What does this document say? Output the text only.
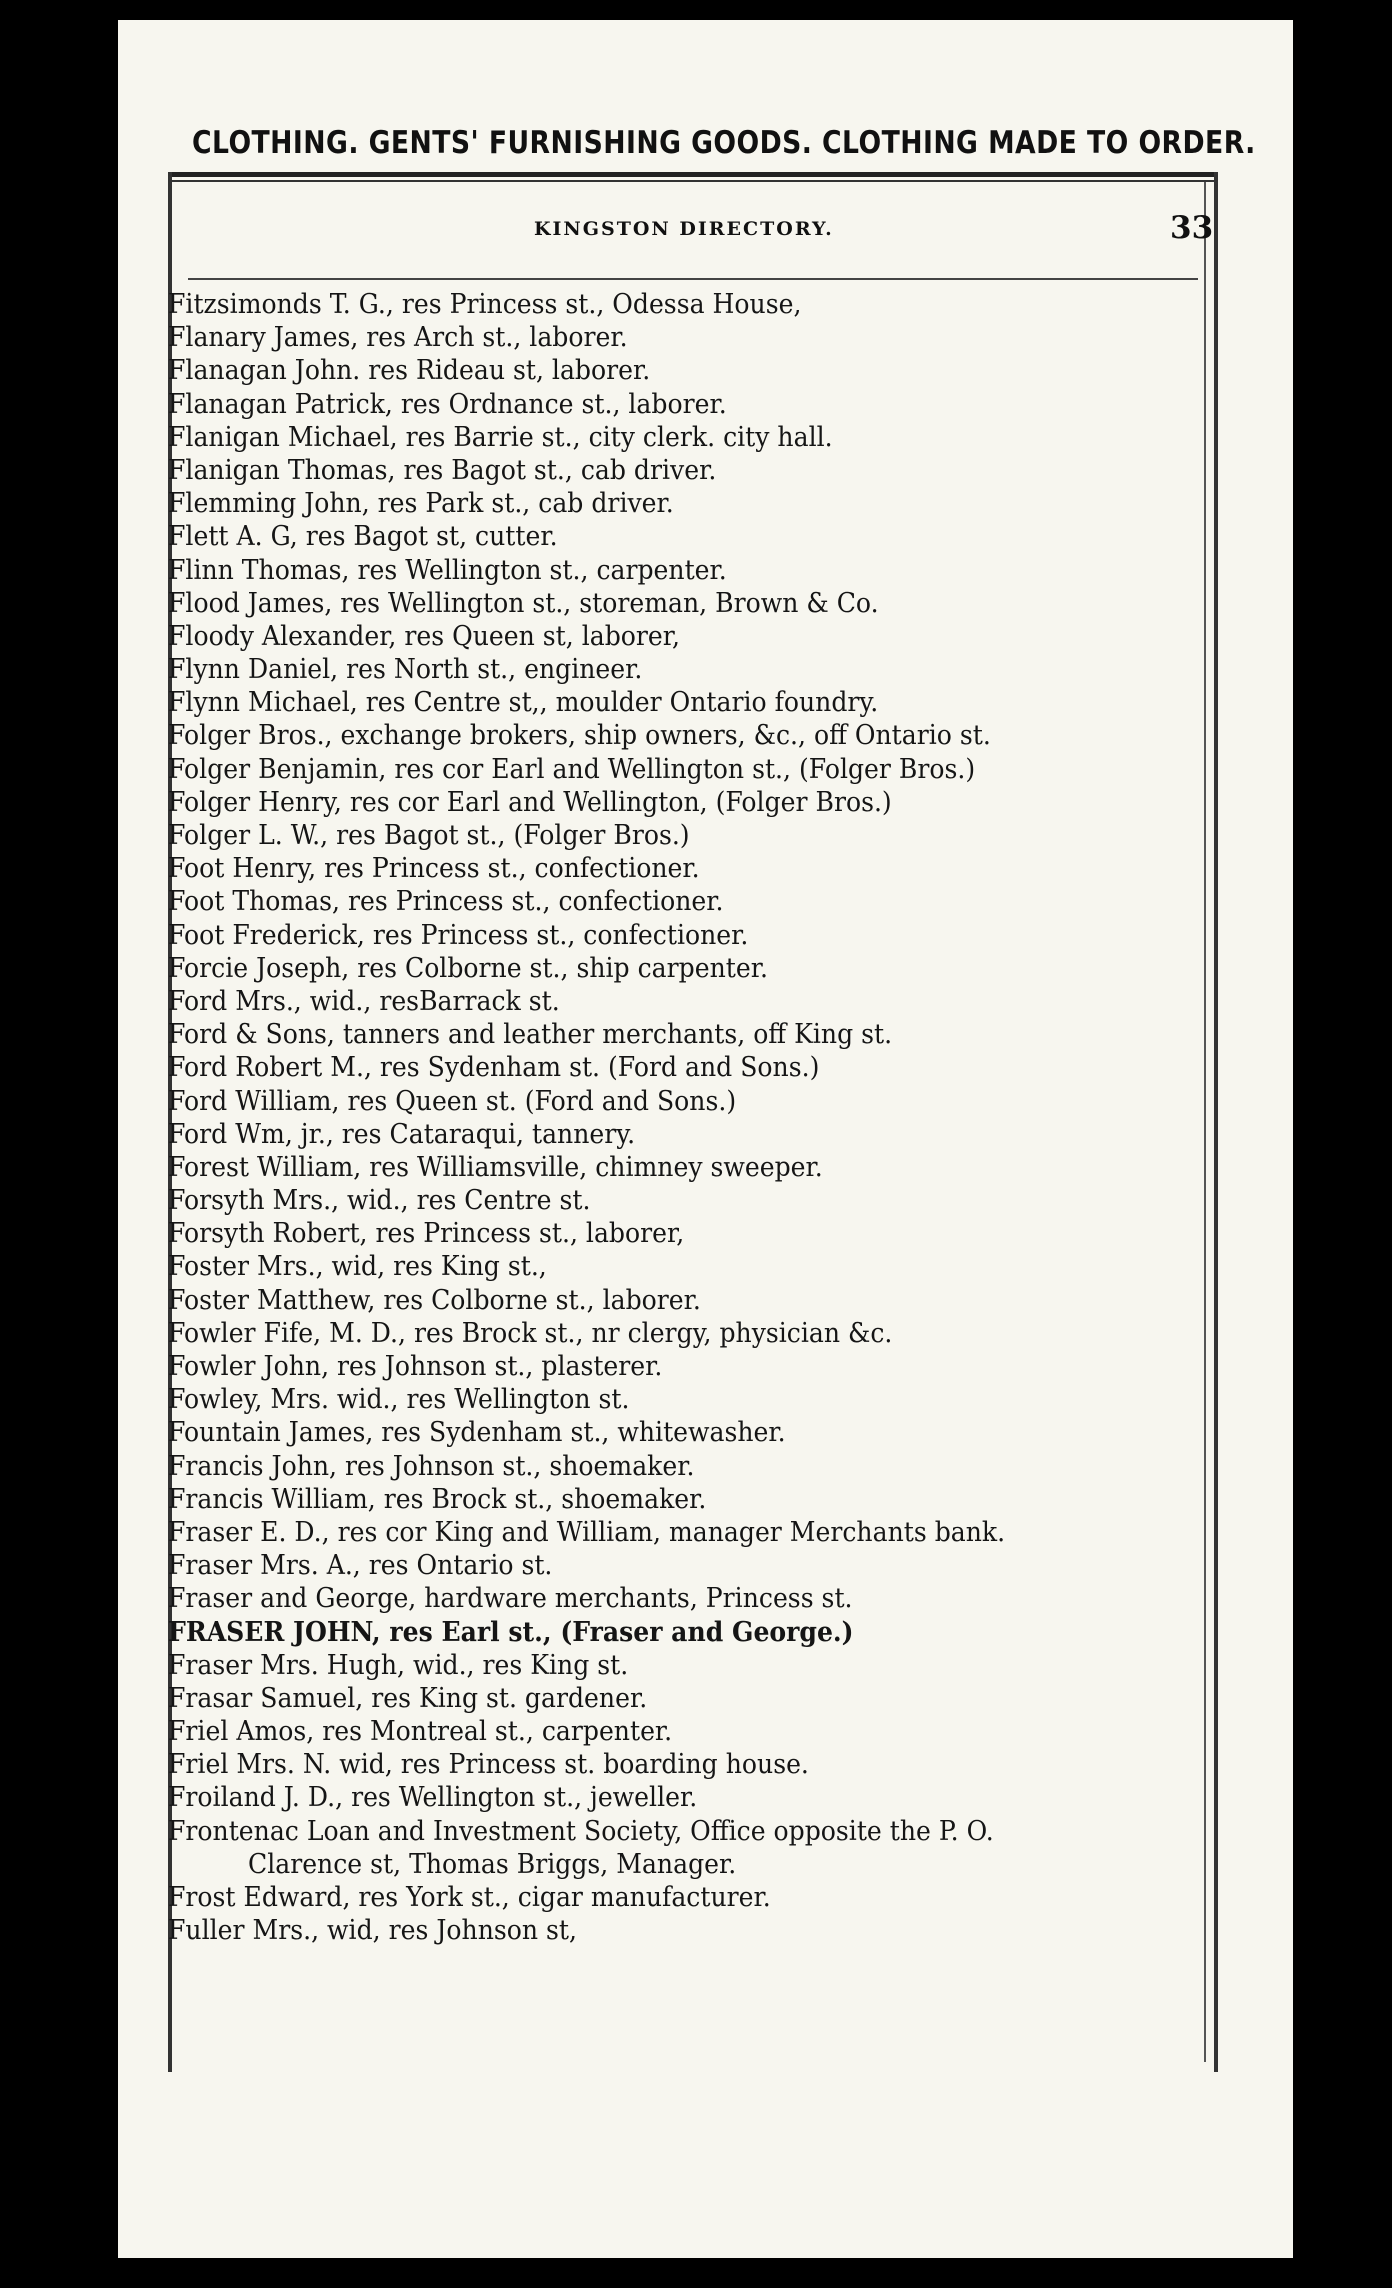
CLOTHING. GENTS' FURNISHING GOODS. CLOTHING MADE TO ORDER.
KINGSTON DIRECTORY.	33
Fitzsimonds T. G., res Princess st., Odessa House,
Flanary James, res Arch st., laborer.
Flanagan John. res Rideau st, laborer.
Flanagan Patrick, res Ordnance st., laborer.
Flanigan Michael, res Barrie st., city clerk. city hall.
Flanigan Thomas, res Bagot st., cab driver.
Flemming John, res Park st., cab driver.
Flett A. G, res Bagot st, cutter.
Flinn Thomas, res Wellington st., carpenter.
Flood James, res Wellington st., storeman, Brown & Co.
Floody Alexander, res Queen st, laborer,
Flynn Daniel, res North st., engineer.
Flynn Michael, res Centre st,, moulder Ontario foundry.
Folger Bros., exchange brokers, ship owners, &c., off Ontario st.
Folger Benjamin, res cor Earl and Wellington st., (Folger Bros.)
Folger Henry, res cor Earl and Wellington, (Folger Bros.)
Folger L. W., res Bagot st., (Folger Bros.)
Foot Henry, res Princess st., confectioner.
Foot Thomas, res Princess st., confectioner.
Foot Frederick, res Princess st., confectioner.
Forcie Joseph, res Colborne st., ship carpenter.
Ford Mrs., wid., resBarrack st.
Ford & Sons, tanners and leather merchants, off King st.
Ford Robert M., res Sydenham st. (Ford and Sons.)
Ford William, res Queen st. (Ford and Sons.)
Ford Wm, jr., res Cataraqui, tannery.
Forest William, res Williamsville, chimney sweeper.
Forsyth Mrs., wid., res Centre st.
Forsyth Robert, res Princess st., laborer,
Foster Mrs., wid, res King st.,
Foster Matthew, res Colborne st., laborer.
Fowler Fife, M. D., res Brock st., nr clergy, physician &c.
Fowler John, res Johnson st., plasterer.
Fowley, Mrs. wid., res Wellington st.
Fountain James, res Sydenham st., whitewasher.
Francis John, res Johnson st., shoemaker.
Francis William, res Brock st., shoemaker.
Fraser E. D., res cor King and William, manager Merchants bank.
Fraser Mrs. A., res Ontario st.
Fraser and George, hardware merchants, Princess st.
FRASER JOHN, res Earl st., (Fraser and George.)
Fraser Mrs. Hugh, wid., res King st.
Frasar Samuel, res King st. gardener.
Friel Amos, res Montreal st., carpenter.
Friel Mrs. N. wid, res Princess st. boarding house.
Froiland J. D., res Wellington st., jeweller.
Frontenac Loan and Investment Society, Office opposite the P. O.
Clarence st, Thomas Briggs, Manager.
Frost Edward, res York st., cigar manufacturer.
Fuller Mrs., wid, res Johnson st,
